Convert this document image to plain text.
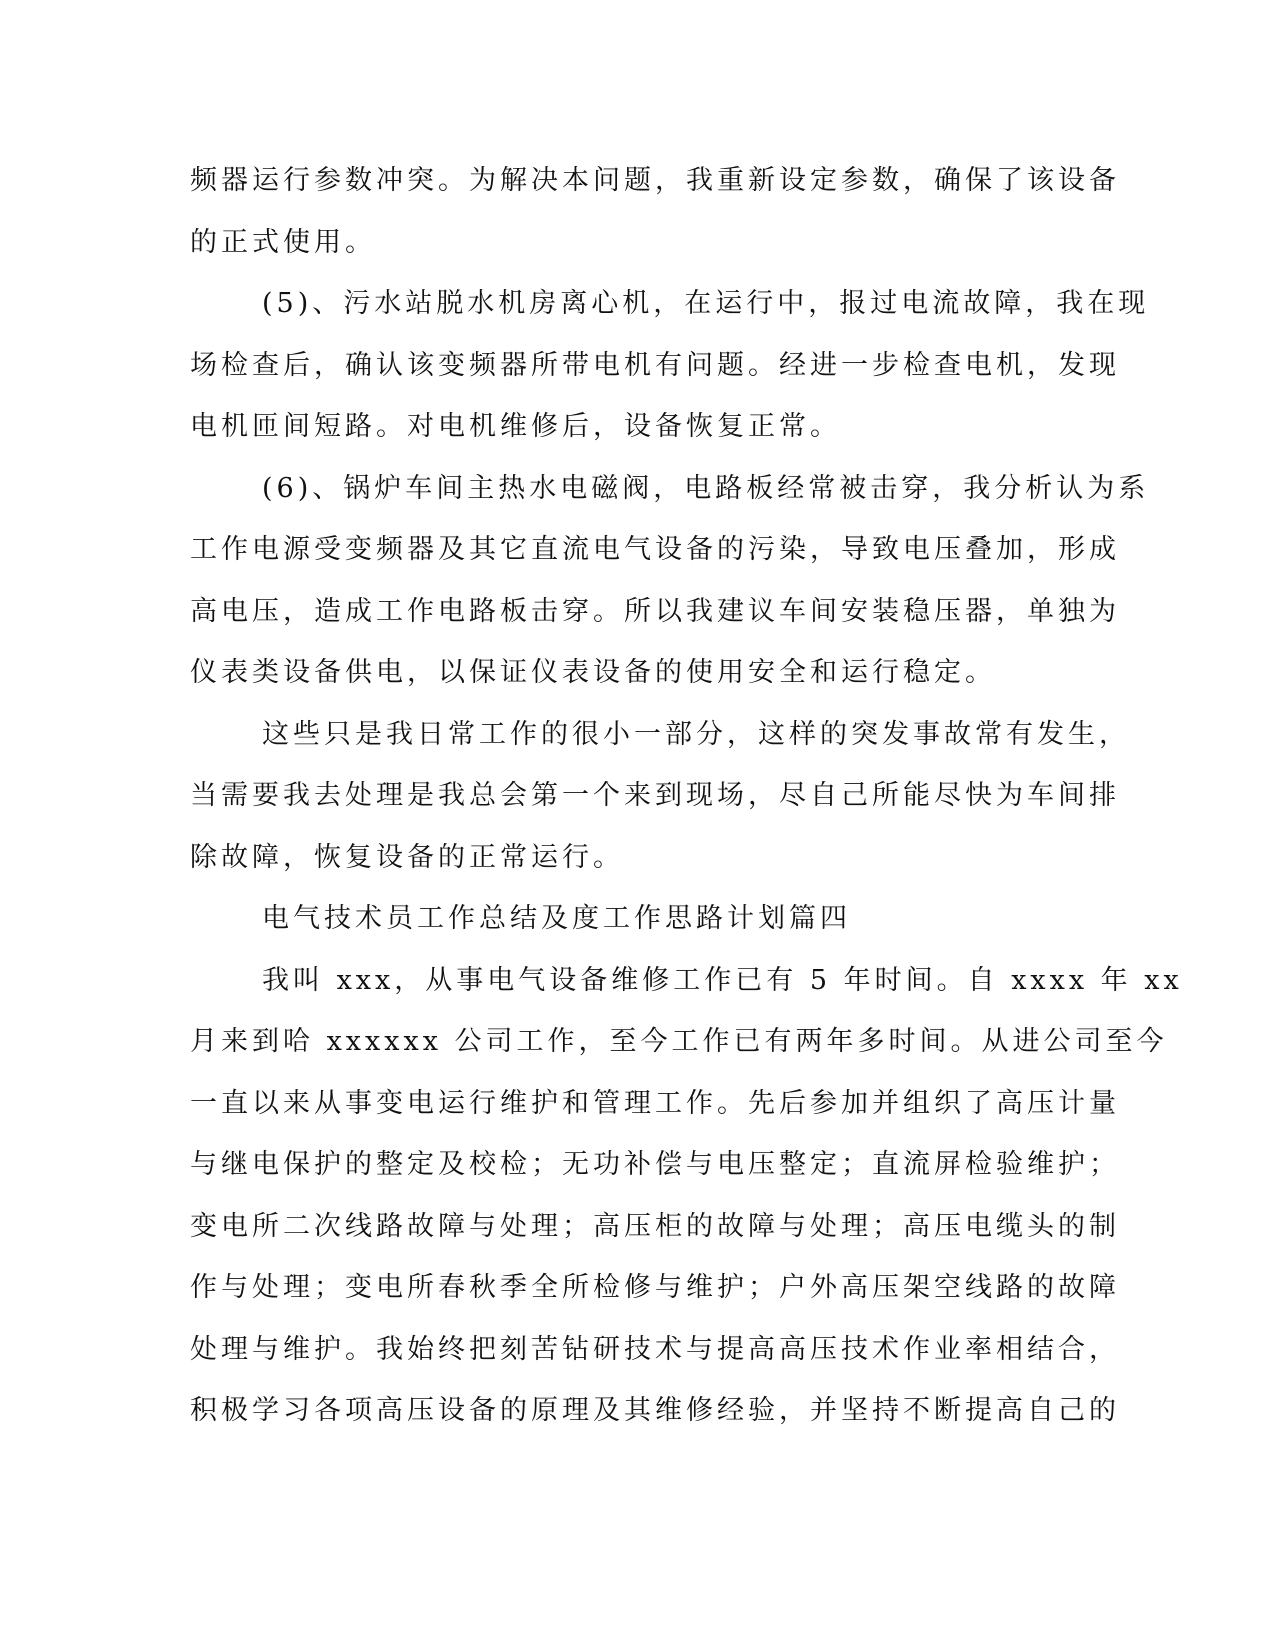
频器运行参数冲突。为解决本问题，我重新设定参数，确保了该设备
的正式使用。
(5)、污水站脱水机房离心机，在运行中，报过电流故障，我在现
场检查后，确认该变频器所带电机有问题。经进一步检查电机，发现
电机匝间短路。对电机维修后，设备恢复正常。
(6)、锅炉车间主热水电磁阀，电路板经常被击穿，我分析认为系
工作电源受变频器及其它直流电气设备的污染，导致电压叠加，形成
高电压，造成工作电路板击穿。所以我建议车间安装稳压器，单独为
仪表类设备供电，以保证仪表设备的使用安全和运行稳定。
这些只是我日常工作的很小一部分，这样的突发事故常有发生，
当需要我去处理是我总会第一个来到现场，尽自己所能尽快为车间排
除故障，恢复设备的正常运行。
电气技术员工作总结及度工作思路计划篇四
我叫 xxx，从事电气设备维修工作已有 5 年时间。自 xxxx 年 xx
月来到哈 xxxxxx 公司工作，至今工作已有两年多时间。从进公司至今
一直以来从事变电运行维护和管理工作。先后参加并组织了高压计量
与继电保护的整定及校检；无功补偿与电压整定；直流屏检验维护；
变电所二次线路故障与处理；高压柜的故障与处理；高压电缆头的制
作与处理；变电所春秋季全所检修与维护；户外高压架空线路的故障
处理与维护。我始终把刻苦钻研技术与提高高压技术作业率相结合，
积极学习各项高压设备的原理及其维修经验，并坚持不断提高自己的
